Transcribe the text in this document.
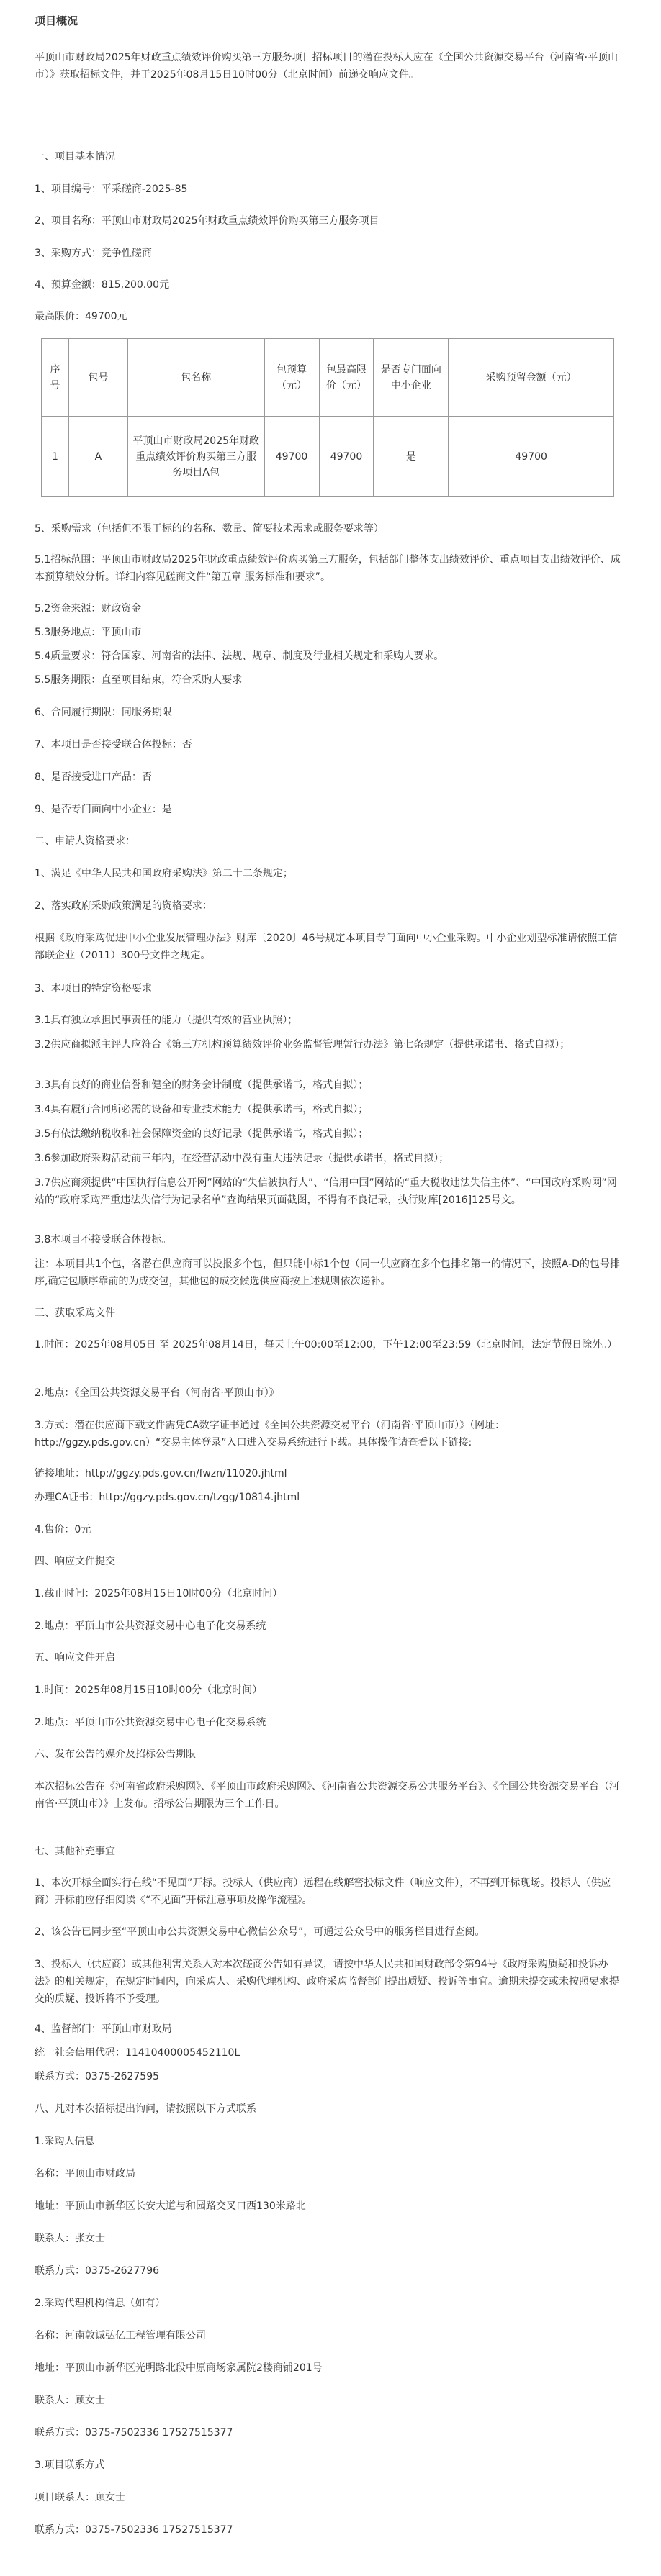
项目概况

平顶山市财政局2025年财政重点绩效评价购买第三方服务项目招标项目的潜在投标人应在《全国公共资源交易平台（河南省·平顶山市）》获取招标文件，并于2025年08月15日10时00分（北京时间）前递交响应文件。

一、项目基本情况

1、项目编号：平采磋商-2025-85

2、项目名称：平顶山市财政局2025年财政重点绩效评价购买第三方服务项目

3、采购方式：竞争性磋商

4、预算金额：815,200.00元

最高限价：49700元

序号	包号	包名称	包预算（元）	包最高限价（元）	是否专门面向中小企业	采购预留金额（元）
1	A	平顶山市财政局2025年财政重点绩效评价购买第三方服务项目A包	49700	49700	是	49700

5、采购需求（包括但不限于标的的名称、数量、简要技术需求或服务要求等）

5.1招标范围：平顶山市财政局2025年财政重点绩效评价购买第三方服务，包括部门整体支出绩效评价、重点项目支出绩效评价、成本预算绩效分析。详细内容见磋商文件“第五章 服务标准和要求”。

5.2资金来源：财政资金

5.3服务地点：平顶山市

5.4质量要求：符合国家、河南省的法律、法规、规章、制度及行业相关规定和采购人要求。

5.5服务期限：直至项目结束，符合采购人要求

6、合同履行期限：同服务期限

7、本项目是否接受联合体投标：否

8、是否接受进口产品：否

9、是否专门面向中小企业：是

二、申请人资格要求：

1、满足《中华人民共和国政府采购法》第二十二条规定；

2、落实政府采购政策满足的资格要求：

根据《政府采购促进中小企业发展管理办法》财库〔2020〕46号规定本项目专门面向中小企业采购。中小企业划型标准请依照工信部联企业（2011）300号文件之规定。

3、本项目的特定资格要求

3.1具有独立承担民事责任的能力（提供有效的营业执照）；

3.2供应商拟派主评人应符合《第三方机构预算绩效评价业务监督管理暂行办法》第七条规定（提供承诺书、格式自拟）；

3.3具有良好的商业信誉和健全的财务会计制度（提供承诺书，格式自拟）；

3.4具有履行合同所必需的设备和专业技术能力（提供承诺书，格式自拟）；

3.5有依法缴纳税收和社会保障资金的良好记录（提供承诺书，格式自拟）；

3.6参加政府采购活动前三年内，在经营活动中没有重大违法记录（提供承诺书，格式自拟）；

3.7供应商须提供“中国执行信息公开网”网站的“失信被执行人”、“信用中国”网站的“重大税收违法失信主体”、“中国政府采购网”网站的“政府采购严重违法失信行为记录名单”查询结果页面截图，不得有不良记录，执行财库[2016]125号文。

3.8本项目不接受联合体投标。

注：本项目共1个包，各潜在供应商可以投报多个包，但只能中标1个包（同一供应商在多个包排名第一的情况下，按照A-D的包号排序,确定包顺序靠前的为成交包，其他包的成交候选供应商按上述规则依次递补。

三、获取采购文件

1.时间：2025年08月05日 至 2025年08月14日，每天上午00:00至12:00，下午12:00至23:59（北京时间，法定节假日除外。）

2.地点：《全国公共资源交易平台（河南省·平顶山市）》

3.方式：潜在供应商下载文件需凭CA数字证书通过《全国公共资源交易平台（河南省·平顶山市）》（网址：http://ggzy.pds.gov.cn）“交易主体登录”入口进入交易系统进行下载。具体操作请查看以下链接:

链接地址：http://ggzy.pds.gov.cn/fwzn/11020.jhtml

办理CA证书：http://ggzy.pds.gov.cn/tzgg/10814.jhtml

4.售价：0元

四、响应文件提交

1.截止时间：2025年08月15日10时00分（北京时间）

2.地点：平顶山市公共资源交易中心电子化交易系统

五、响应文件开启

1.时间：2025年08月15日10时00分（北京时间）

2.地点：平顶山市公共资源交易中心电子化交易系统

六、发布公告的媒介及招标公告期限

本次招标公告在《河南省政府采购网》、《平顶山市政府采购网》、《河南省公共资源交易公共服务平台》、《全国公共资源交易平台（河南省·平顶山市）》上发布。招标公告期限为三个工作日。

七、其他补充事宜

1、本次开标全面实行在线“不见面”开标。投标人（供应商）远程在线解密投标文件（响应文件），不再到开标现场。投标人（供应商）开标前应仔细阅读《“不见面”开标注意事项及操作流程》。

2、该公告已同步至“平顶山市公共资源交易中心微信公众号”，可通过公众号中的服务栏目进行查阅。

3、投标人（供应商）或其他利害关系人对本次磋商公告如有异议，请按中华人民共和国财政部令第94号《政府采购质疑和投诉办法》的相关规定，在规定时间内，向采购人、采购代理机构、政府采购监督部门提出质疑、投诉等事宜。逾期未提交或未按照要求提交的质疑、投诉将不予受理。

4、监督部门：平顶山市财政局

统一社会信用代码：11410400005452110L

联系方式：0375-2627595

八、凡对本次招标提出询问，请按照以下方式联系

1.采购人信息

名称：平顶山市财政局

地址：平顶山市新华区长安大道与和园路交叉口西130米路北

联系人：张女士

联系方式：0375-2627796

2.采购代理机构信息（如有）

名称：河南敦诚弘亿工程管理有限公司

地址：平顶山市新华区光明路北段中原商场家属院2楼商铺201号

联系人：顾女士

联系方式：0375-7502336 17527515377

3.项目联系方式

项目联系人：顾女士

联系方式：0375-7502336 17527515377
